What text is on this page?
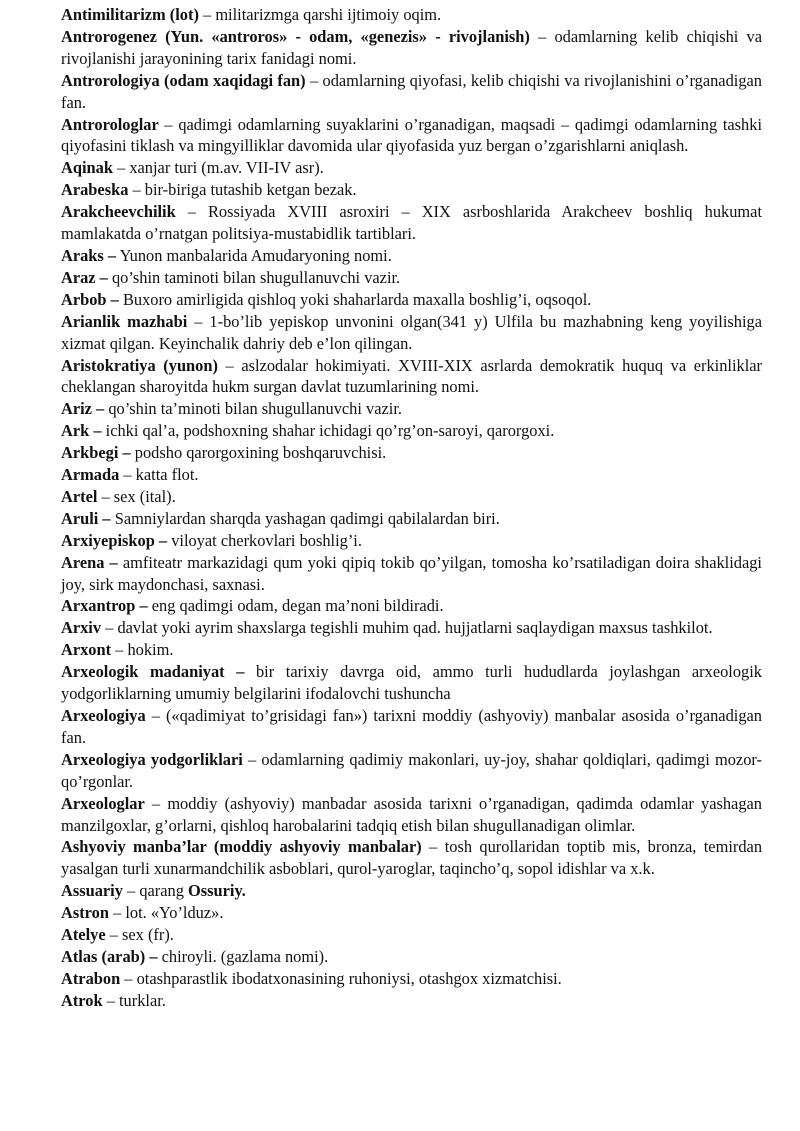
Antimilitarizm (lot) – militarizmga qarshi ijtimoiy oqim.

Antrorogenez (Yun. «antroros» - odam, «genezis» - rivojlanish) – odamlarning kelib chiqishi va rivojlanishi jarayonining tarix fanidagi nomi.

Antrorologiya (odam xaqidagi fan) – odamlarning qiyofasi, kelib chiqishi va rivojlanishini o’rganadigan fan.

Antrorologlar – qadimgi odamlarning suyaklarini o’rganadigan, maqsadi – qadimgi odamlarning tashki qiyofasini tiklash va mingyilliklar davomida ular qiyofasida yuz bergan o’zgarishlarni aniqlash.

Aqinak – xanjar turi (m.av. VII-IV asr).

Arabeska – bir-biriga tutashib ketgan bezak.

Arakcheevchilik – Rossiyada XVIII asroxiri – XIX asrboshlarida Arakcheev boshliq hukumat    mamlakatda o’rnatgan politsiya-mustabidlik tartiblari.

Araks – Yunon manbalarida Amudaryoning nomi.

Araz – qo’shin taminoti bilan shugullanuvchi vazir.

Arbob – Buxoro amirligida qishloq yoki shaharlarda maxalla boshlig’i, oqsoqol.

Arianlik mazhabi – 1-bo’lib yepiskop unvonini olgan(341 y) Ulfila bu mazhabning keng yoyilishiga xizmat qilgan. Keyinchalik dahriy deb e’lon qilingan.

Aristokratiya (yunon) – aslzodalar hokimiyati. XVIII-XIX asrlarda demokratik huquq va erkinliklar cheklangan sharoyitda hukm surgan davlat tuzumlarining nomi.

Ariz – qo’shin ta’minoti bilan shugullanuvchi vazir.

Ark – ichki qal’a, podshoxning shahar ichidagi qo’rg’on-saroyi, qarorgoxi.

Arkbegi – podsho qarorgoxining boshqaruvchisi.

Armada – katta flot.

Artel – sex (ital).

Aruli – Samniylardan sharqda yashagan qadimgi qabilalardan biri.

Arxiyepiskop – viloyat cherkovlari boshlig’i.

Arena – amfiteatr markazidagi qum yoki qipiq tokib qo’yilgan, tomosha ko’rsatiladigan doira shaklidagi joy, sirk maydonchasi, saxnasi.

Arxantrop – eng qadimgi odam, degan ma’noni bildiradi.

Arxiv – davlat yoki ayrim shaxslarga tegishli muhim qad. hujjatlarni saqlaydigan maxsus tashkilot.

Arxont – hokim.

Arxeologik madaniyat – bir tarixiy davrga oid, ammo turli hududlarda joylashgan arxeologik yodgorliklarning umumiy belgilarini ifodalovchi tushuncha

Arxeologiya – («qadimiyat to’grisidagi fan») tarixni moddiy (ashyoviy) manbalar asosida o’rganadigan fan.

Arxeologiya yodgorliklari – odamlarning qadimiy makonlari, uy-joy, shahar qoldiqlari, qadimgi mozor-qo’rgonlar.

Arxeologlar – moddiy (ashyoviy) manbadar asosida tarixni o’rganadigan, qadimda odamlar yashagan manzilgoxlar, g’orlarni, qishloq harobalarini tadqiq etish bilan shugullanadigan olimlar.

Ashyoviy manba’lar (moddiy ashyoviy manbalar) – tosh qurollaridan toptib mis, bronza, temirdan yasalgan turli xunarmandchilik asboblari, qurol-yaroglar, taqincho’q, sopol idishlar va x.k.

Assuariy – qarang Ossuriy.

Astron – lot. «Yo’lduz».

Atelye – sex (fr).

Atlas (arab) – chiroyli. (gazlama nomi).

Atrabon – otashparastlik ibodatxonasining ruhoniysi, otashgox xizmatchisi.

Atrok – turklar.
